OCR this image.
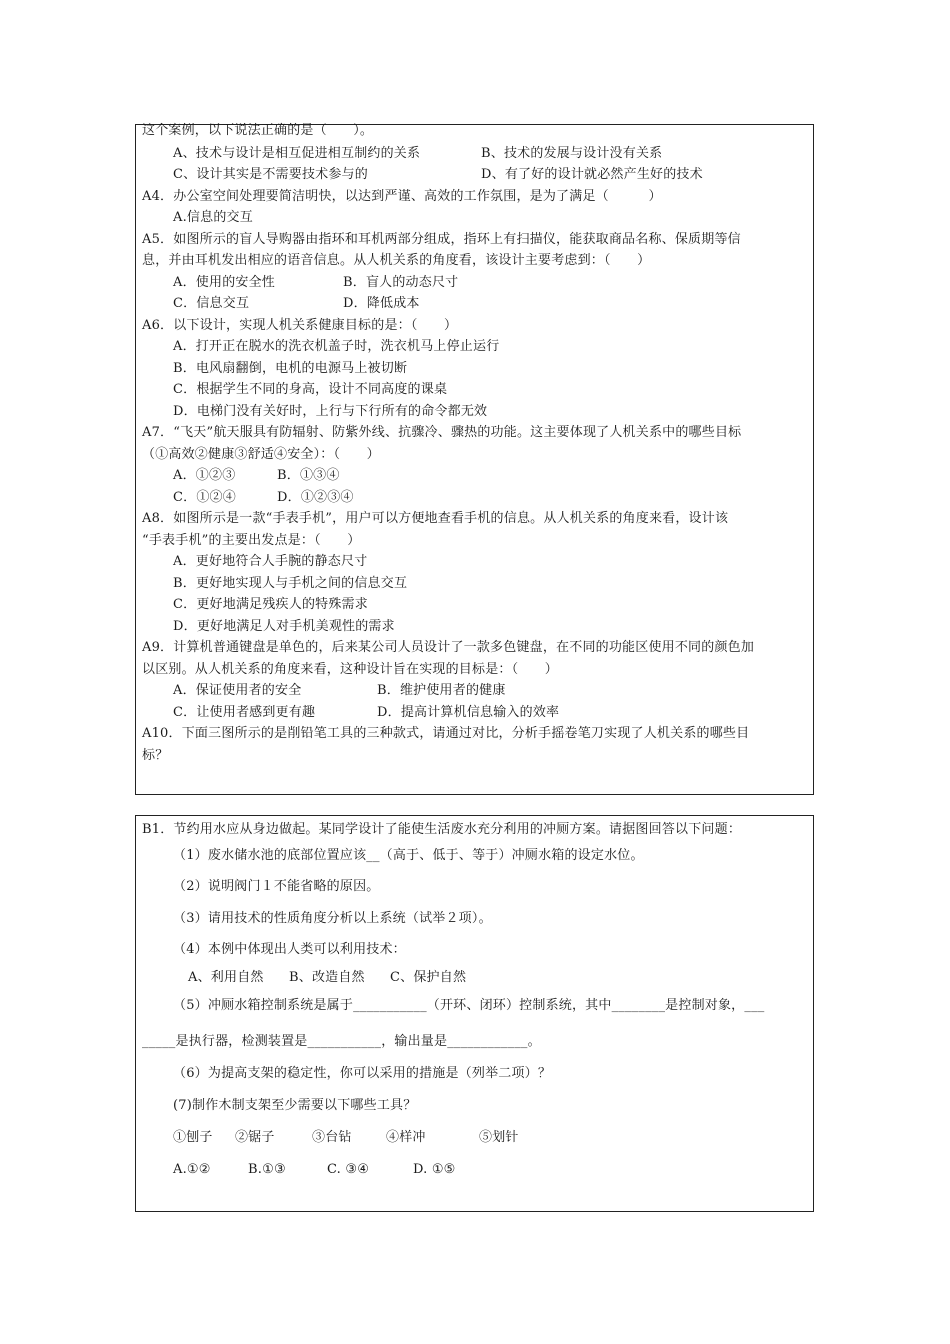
这个案例，以下说法正确的是（　　）。
A、技术与设计是相互促进相互制约的关系	B、技术的发展与设计没有关系
C、设计其实是不需要技术参与的	D、有了好的设计就必然产生好的技术
A4．办公室空间处理要简洁明快，以达到严谨、高效的工作氛围，是为了满足（　　　）
A.信息的交互
A5．如图所示的盲人导购器由指环和耳机两部分组成，指环上有扫描仪，能获取商品名称、保质期等信
息，并由耳机发出相应的语音信息。从人机关系的角度看，该设计主要考虑到：（　　）
A．使用的安全性	B．盲人的动态尺寸
C．信息交互	D．降低成本
A6．以下设计，实现人机关系健康目标的是：（　　）
A．打开正在脱水的洗衣机盖子时，洗衣机马上停止运行
B．电风扇翻倒，电机的电源马上被切断
C．根据学生不同的身高，设计不同高度的课桌
D．电梯门没有关好时，上行与下行所有的命令都无效
A7．“飞天”航天服具有防辐射、防紫外线、抗骤冷、骤热的功能。这主要体现了人机关系中的哪些目标
（①高效②健康③舒适④安全）：（　　）
A．①②③	B．①③④
C．①②④	D．①②③④
A8．如图所示是一款“手表手机”，用户可以方便地查看手机的信息。从人机关系的角度来看，设计该
“手表手机”的主要出发点是：（　　）
A．更好地符合人手腕的静态尺寸
B．更好地实现人与手机之间的信息交互
C．更好地满足残疾人的特殊需求
D．更好地满足人对手机美观性的需求
A9．计算机普通键盘是单色的，后来某公司人员设计了一款多色键盘，在不同的功能区使用不同的颜色加
以区别。从人机关系的角度来看，这种设计旨在实现的目标是：（　　）
A．保证使用者的安全	B．维护使用者的健康
C．让使用者感到更有趣	D．提高计算机信息输入的效率
A10．下面三图所示的是削铅笔工具的三种款式，请通过对比，分析手摇卷笔刀实现了人机关系的哪些目
标？
B1．节约用水应从身边做起。某同学设计了能使生活废水充分利用的冲厕方案。请据图回答以下问题：
（1）废水储水池的底部位置应该__（高于、低于、等于）冲厕水箱的设定水位。
（2）说明阀门１不能省略的原因。
（3）请用技术的性质角度分析以上系统（试举２项）。
（4）本例中体现出人类可以利用技术：
A、利用自然 B、改造自然 C、保护自然
（5）冲厕水箱控制系统是属于___________（开环、闭环）控制系统，其中________是控制对象，___
_____是执行器，检测装置是___________，输出量是____________。
（6）为提高支架的稳定性，你可以采用的措施是（列举二项）？
(7)制作木制支架至少需要以下哪些工具？
①刨子 ②锯子	③台钻	④样冲	⑤划针
A.①②	B.①③	C. ③④	D. ①⑤
